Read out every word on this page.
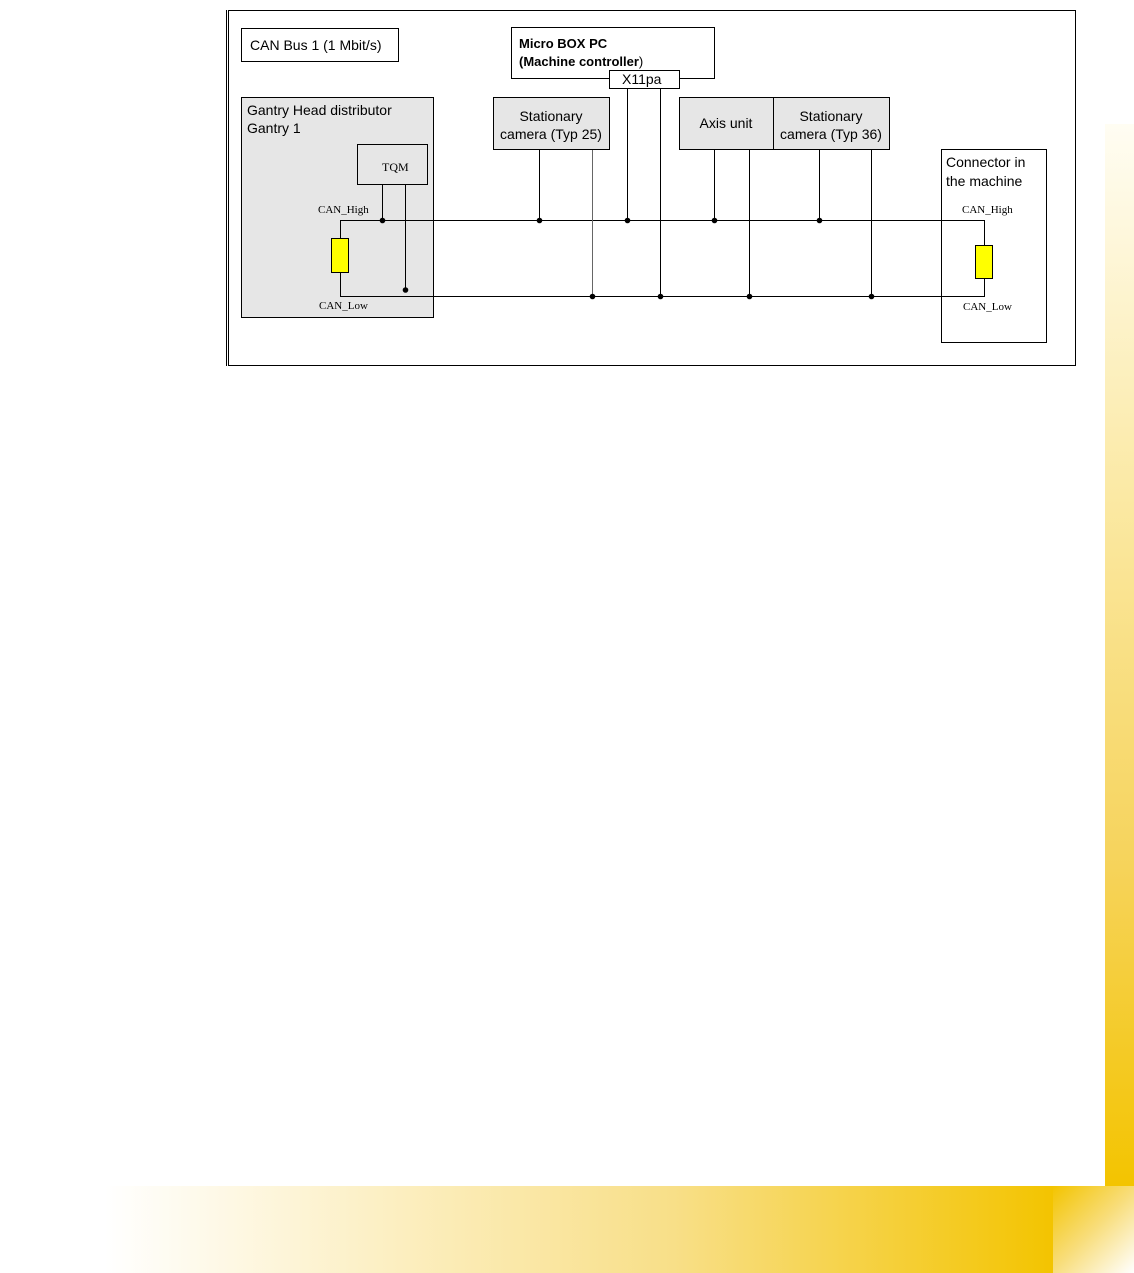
CAN Bus 1 (1 Mbit/s)
Gantry Head distributor
Gantry 1
TQM
CAN_High
CAN_Low
Micro BOX PC
(Machine controller)
X11pa
Stationary
camera (Typ 25)
Axis unit	Stationary
camera (Typ 36)
Connector in
the machine
CAN_High
CAN_Low
